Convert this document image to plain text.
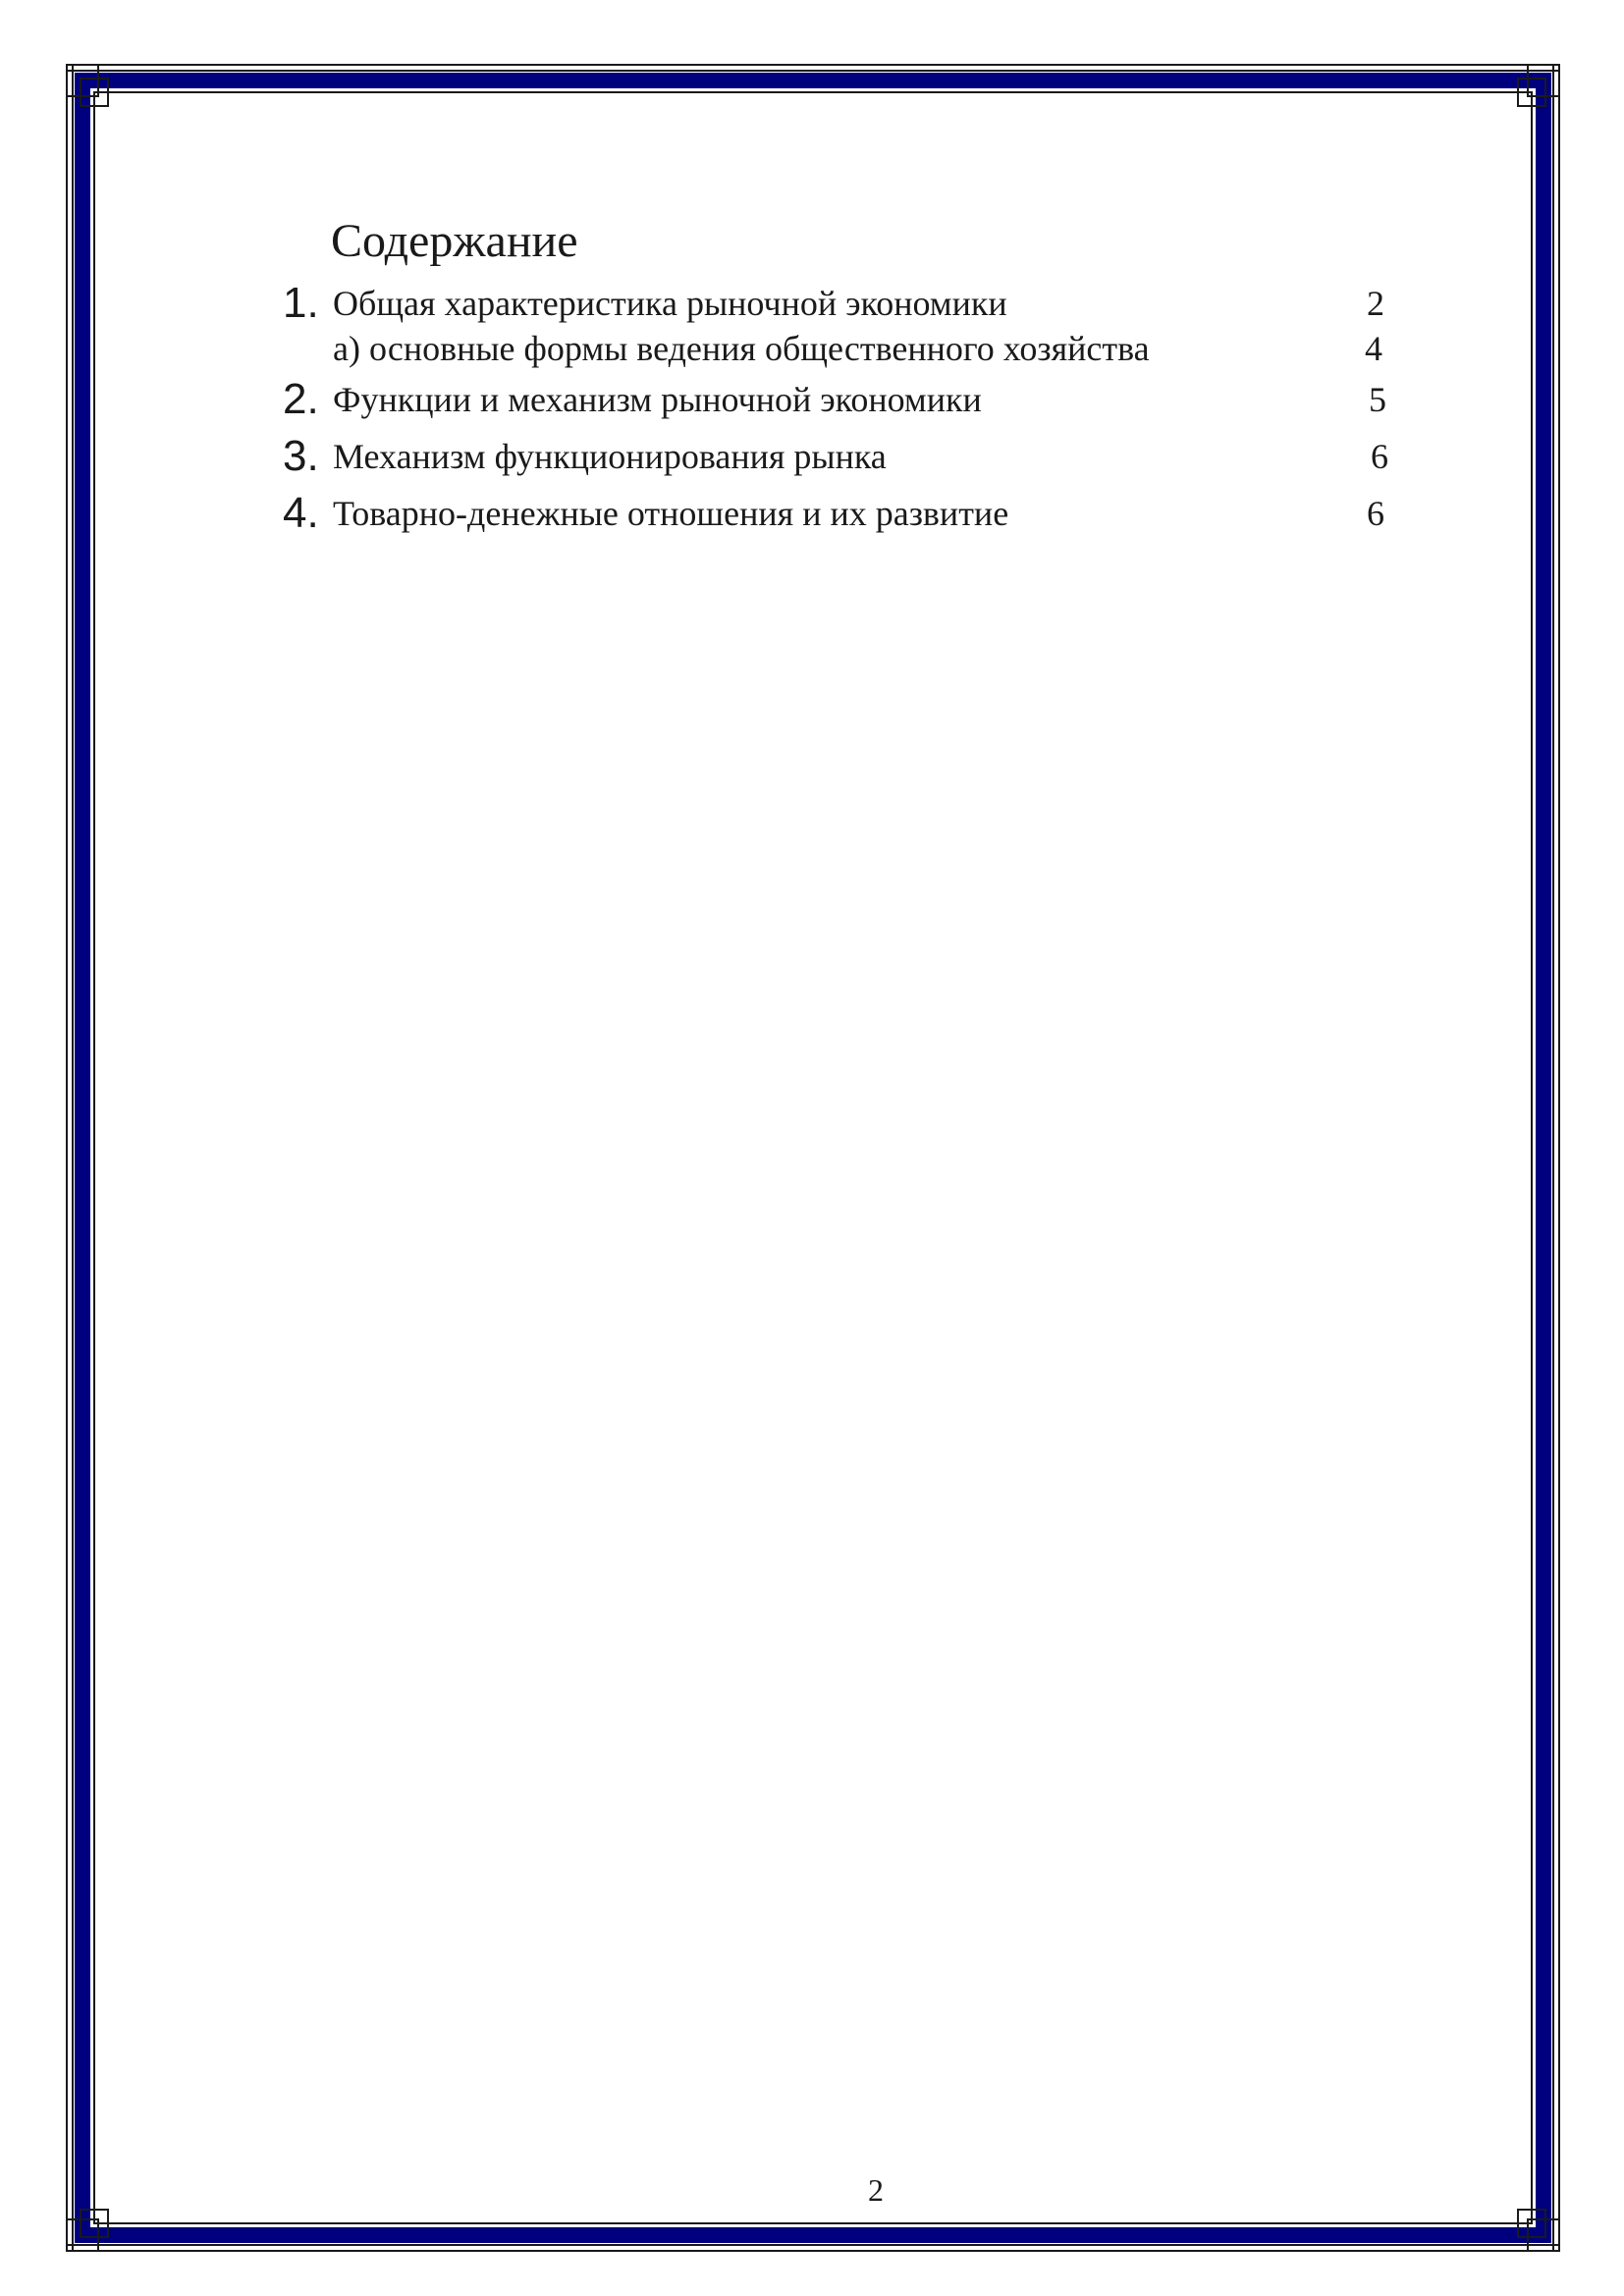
Содержание
1. Общая характеристика рыночной экономики	2
а) основные формы ведения общественного хозяйства	4
2. Функции и механизм рыночной экономики	5
3. Механизм функционирования рынка	6
4. Товарно-денежные отношения и их развитие	6
2
